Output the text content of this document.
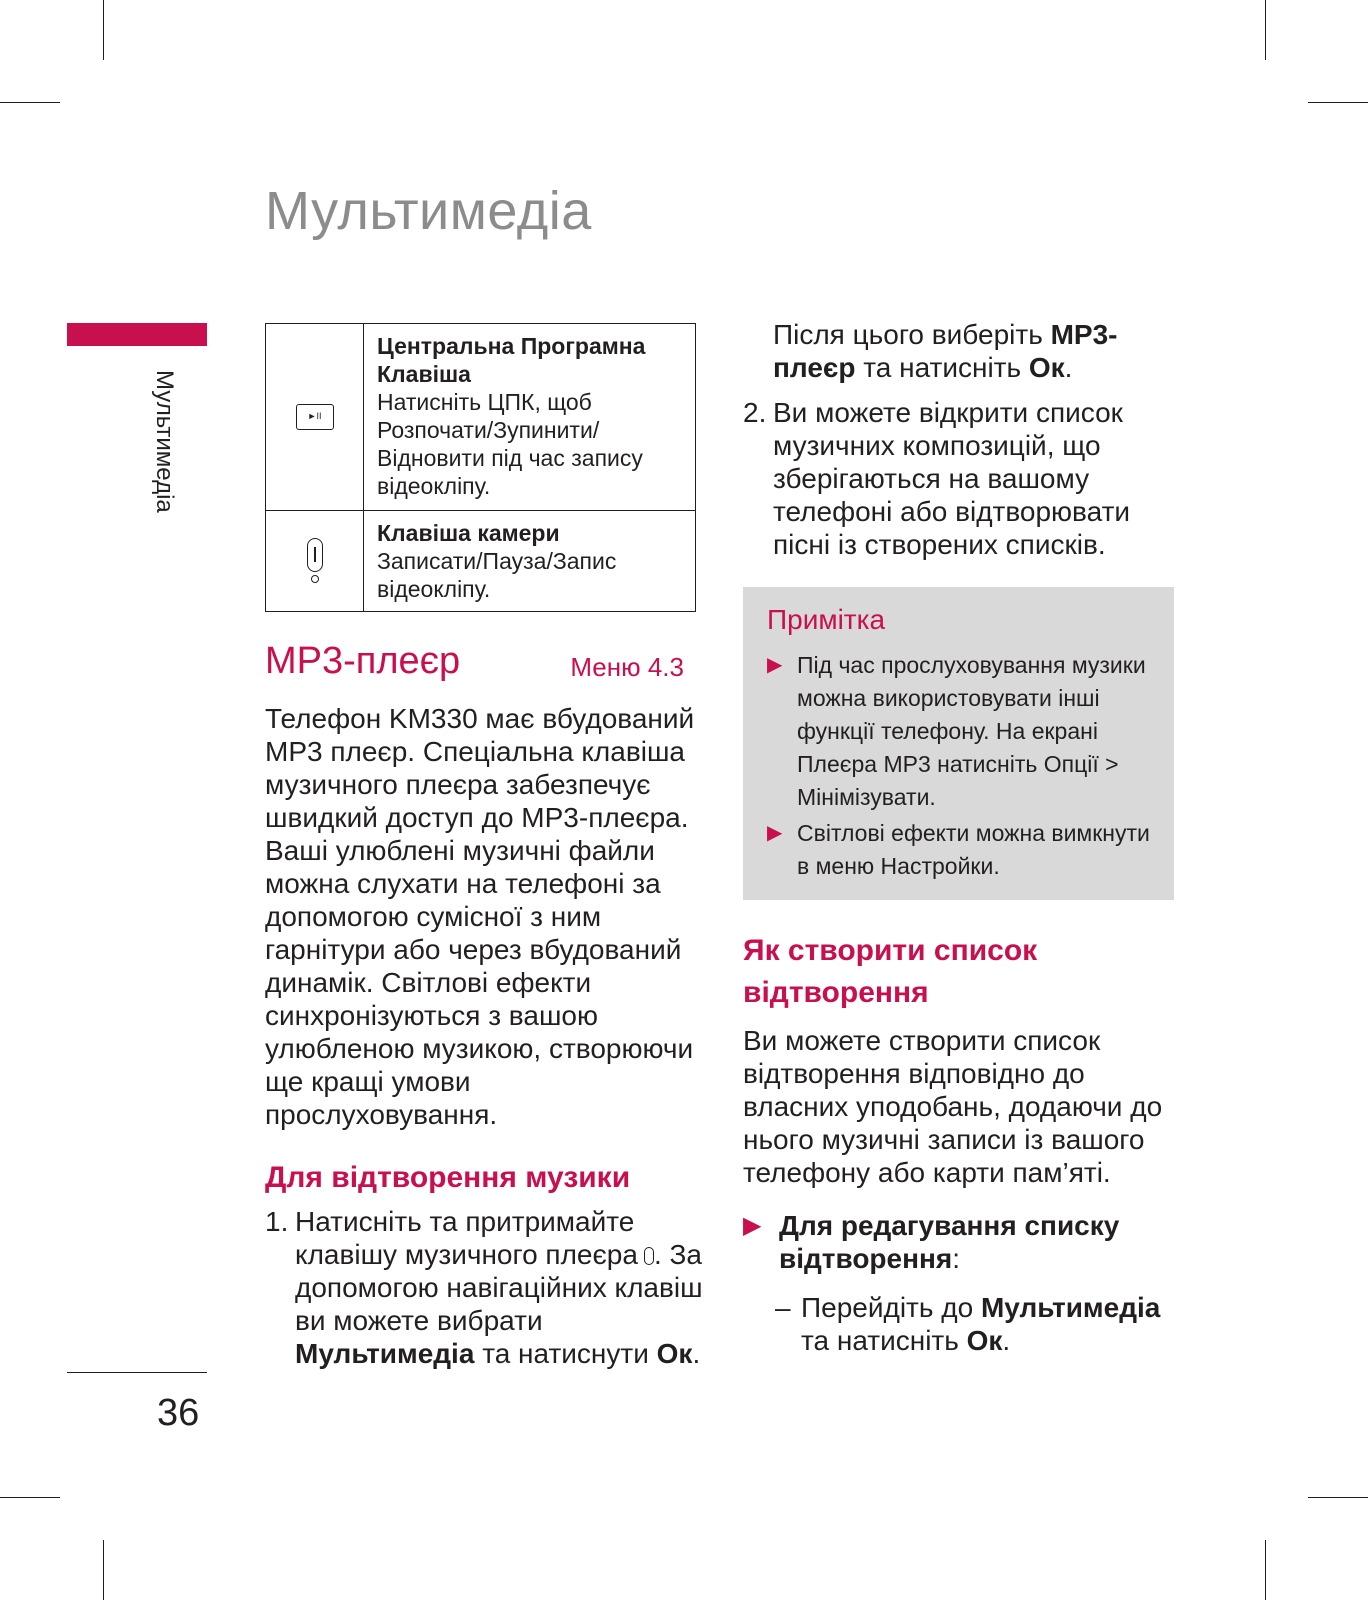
Мультимедіа
Мультимедіа
36
►II	Центральна Програмна Клавіша
Натисніть ЦПК, щоб Розпочати/Зупинити/ Відновити під час запису відеокліпу.

	Клавіша камери
Записати/Пауза/Запис відеокліпу.
MP3-плеєр	Меню 4.3

Телефон KM330 має вбудований MP3 плеєр. Спеціальна клавіша музичного плеєра забезпечує швидкий доступ до MP3-плеєра. Ваші улюблені музичні файли можна слухати на телефоні за допомогою сумісної з ним гарнітури або через вбудований динамік. Світлові ефекти синхронізуються з вашою улюбленою музикою, створюючи ще кращі умови прослуховування.

Для відтворення музики
1. Натисніть та притримайте клавішу музичного плеєра . За допомогою навігаційних клавіш ви можете вибрати Мультимедіа та натиснути Ок.

Після цього виберіть MP3-плеєр та натисніть Ок.

2. Ви можете відкрити список музичних композицій, що зберігаються на вашому телефоні або відтворювати пісні із створених списків.
Примітка
▶ Під час прослуховування музики можна використовувати інші функції телефону. На екрані Плеєра MP3 натисніть Опції > Мінімізувати.
▶ Світлові ефекти можна вимкнути в меню Настройки.
Як створити список відтворення

Ви можете створити список відтворення відповідно до власних уподобань, додаючи до нього музичні записи із вашого телефону або карти пам’яті.

▶ Для редагування списку відтворення:
– Перейдіть до Мультимедіа та натисніть Ок.
